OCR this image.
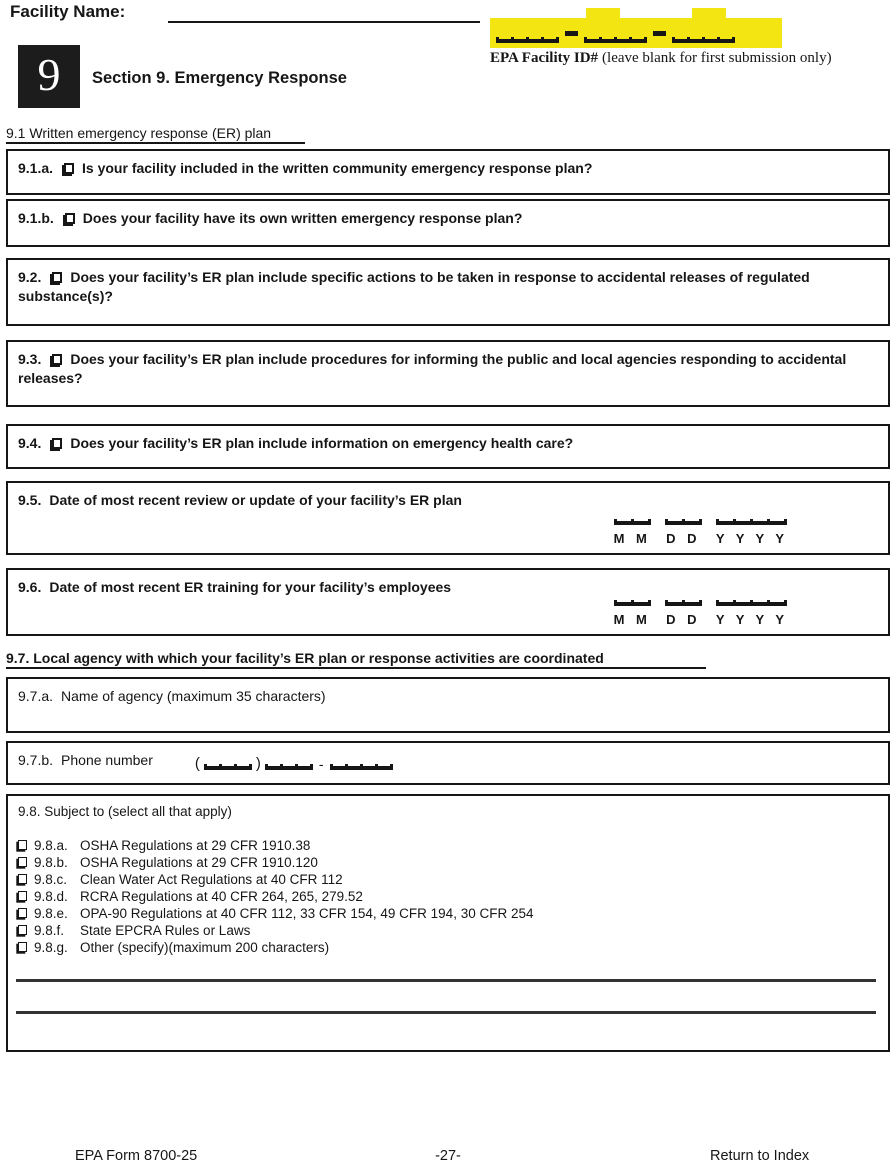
Facility Name:
EPA Facility ID# (leave blank for first submission only)
9	Section 9. Emergency Response
9.1 Written emergency response (ER) plan
9.1.a. Is your facility included in the written community emergency response plan?
9.1.b. Does your facility have its own written emergency response plan?
9.2. Does your facility’s ER plan include specific actions to be taken in response to accidental releases of regulated substance(s)?
9.3. Does your facility’s ER plan include procedures for informing the public and local agencies responding to accidental releases?
9.4. Does your facility’s ER plan include information on emergency health care?
9.5. Date of most recent review or update of your facility’s ER plan
M M D D Y Y Y Y
9.6. Date of most recent ER training for your facility’s employees
M M D D Y Y Y Y
9.7. Local agency with which your facility’s ER plan or response activities are coordinated
9.7.a. Name of agency (maximum 35 characters)
9.7.b. Phone number	(	)	-
9.8. Subject to (select all that apply)
9.8.a. OSHA Regulations at 29 CFR 1910.38
9.8.b. OSHA Regulations at 29 CFR 1910.120
9.8.c. Clean Water Act Regulations at 40 CFR 112
9.8.d. RCRA Regulations at 40 CFR 264, 265, 279.52
9.8.e. OPA-90 Regulations at 40 CFR 112, 33 CFR 154, 49 CFR 194, 30 CFR 254
9.8.f.	State EPCRA Rules or Laws
9.8.g. Other (specify)(maximum 200 characters)
EPA Form 8700-25	-27-	Return to Index
